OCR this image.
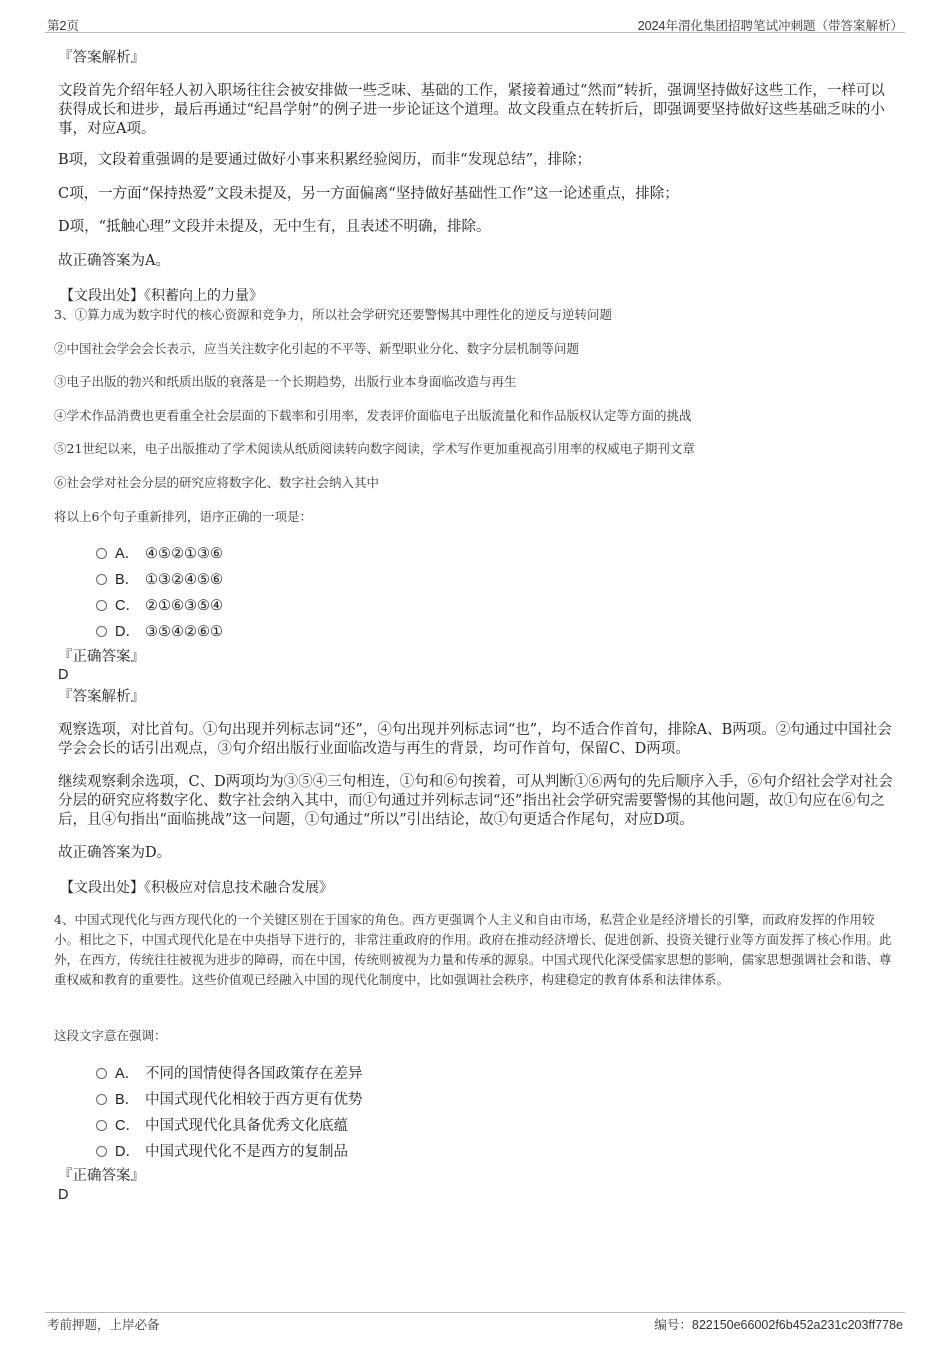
第2页	2024年渭化集团招聘笔试冲刺题（带答案解析）
『答案解析』
文段首先介绍年轻人初入职场往往会被安排做一些乏味、基础的工作，紧接着通过“然而”转折，强调坚持做好这些工作，一样可以获得成长和进步，最后再通过“纪昌学射”的例子进一步论证这个道理。故文段重点在转折后，即强调要坚持做好这些基础乏味的小事，对应A项。
B项，文段着重强调的是要通过做好小事来积累经验阅历，而非“发现总结”，排除；
C项，一方面“保持热爱”文段未提及，另一方面偏离“坚持做好基础性工作”这一论述重点，排除；
D项，“抵触心理”文段并未提及，无中生有，且表述不明确，排除。
故正确答案为A。
【文段出处】《积蓄向上的力量》
3、①算力成为数字时代的核心资源和竞争力，所以社会学研究还要警惕其中理性化的逆反与逆转问题
②中国社会学会会长表示，应当关注数字化引起的不平等、新型职业分化、数字分层机制等问题
③电子出版的勃兴和纸质出版的衰落是一个长期趋势，出版行业本身面临改造与再生
④学术作品消费也更看重全社会层面的下载率和引用率，发表评价面临电子出版流量化和作品版权认定等方面的挑战
⑤21世纪以来，电子出版推动了学术阅读从纸质阅读转向数字阅读，学术写作更加重视高引用率的权威电子期刊文章
⑥社会学对社会分层的研究应将数字化、数字社会纳入其中
将以上6个句子重新排列，语序正确的一项是：
A． ④⑤②①③⑥
B． ①③②④⑤⑥
C． ②①⑥③⑤④
D． ③⑤④②⑥①
『正确答案』
D
『答案解析』
观察选项，对比首句。①句出现并列标志词“还”，④句出现并列标志词“也”，均不适合作首句，排除A、B两项。②句通过中国社会学会会长的话引出观点，③句介绍出版行业面临改造与再生的背景，均可作首句，保留C、D两项。
继续观察剩余选项，C、D两项均为③⑤④三句相连，①句和⑥句挨着，可从判断①⑥两句的先后顺序入手，⑥句介绍社会学对社会分层的研究应将数字化、数字社会纳入其中，而①句通过并列标志词“还”指出社会学研究需要警惕的其他问题，故①句应在⑥句之后，且④句指出“面临挑战”这一问题，①句通过“所以”引出结论，故①句更适合作尾句，对应D项。
故正确答案为D。
【文段出处】《积极应对信息技术融合发展》
4、中国式现代化与西方现代化的一个关键区别在于国家的角色。西方更强调个人主义和自由市场，私营企业是经济增长的引擎，而政府发挥的作用较小。相比之下，中国式现代化是在中央指导下进行的，非常注重政府的作用。政府在推动经济增长、促进创新、投资关键行业等方面发挥了核心作用。此外，在西方，传统往往被视为进步的障碍，而在中国，传统则被视为力量和传承的源泉。中国式现代化深受儒家思想的影响，儒家思想强调社会和谐、尊重权威和教育的重要性。这些价值观已经融入中国的现代化制度中，比如强调社会秩序，构建稳定的教育体系和法律体系。
这段文字意在强调：
A． 不同的国情使得各国政策存在差异
B． 中国式现代化相较于西方更有优势
C． 中国式现代化具备优秀文化底蕴
D． 中国式现代化不是西方的复制品
『正确答案』
D
考前押题，上岸必备	编号：822150e66002f6b452a231c203ff778e
